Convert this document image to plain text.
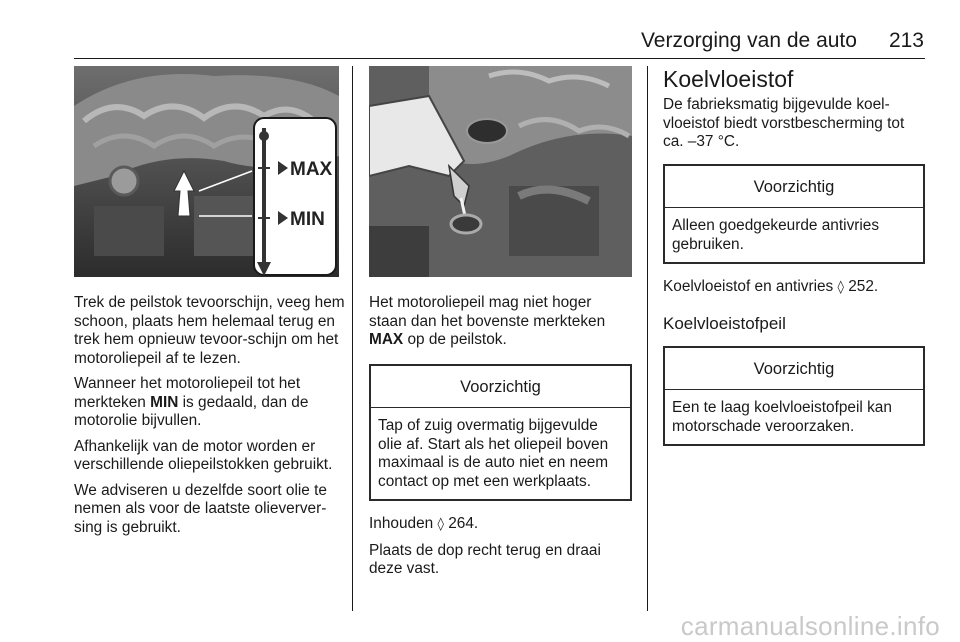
Verzorging van de auto 213
MAX
MIN

Trek de peilstok tevoorschijn, veeg hem schoon, plaats hem helemaal terug en trek hem opnieuw tevoor-schijn om het motoroliepeil af te lezen.

Wanneer het motoroliepeil tot het merkteken MIN is gedaald, dan de motorolie bijvullen.

Afhankelijk van de motor worden er verschillende oliepeilstokken gebruikt.

We adviseren u dezelfde soort olie te nemen als voor de laatste olieverver-sing is gebruikt.

Het motoroliepeil mag niet hoger staan dan het bovenste merkteken MAX op de peilstok.

Voorzichtig
Tap of zuig overmatig bijgevulde olie af. Start als het oliepeil boven maximaal is de auto niet en neem contact op met een werkplaats.

Inhouden ◊ 264.

Plaats de dop recht terug en draai deze vast.

Koelvloeistof

De fabrieksmatig bijgevulde koel-vloeistof biedt vorstbescherming tot ca. –37 °C.

Voorzichtig
Alleen goedgekeurde antivries gebruiken.

Koelvloeistof en antivries ◊ 252.

Koelvloeistofpeil
Voorzichtig
Een te laag koelvloeistofpeil kan motorschade veroorzaken.
carmanualsonline.info
